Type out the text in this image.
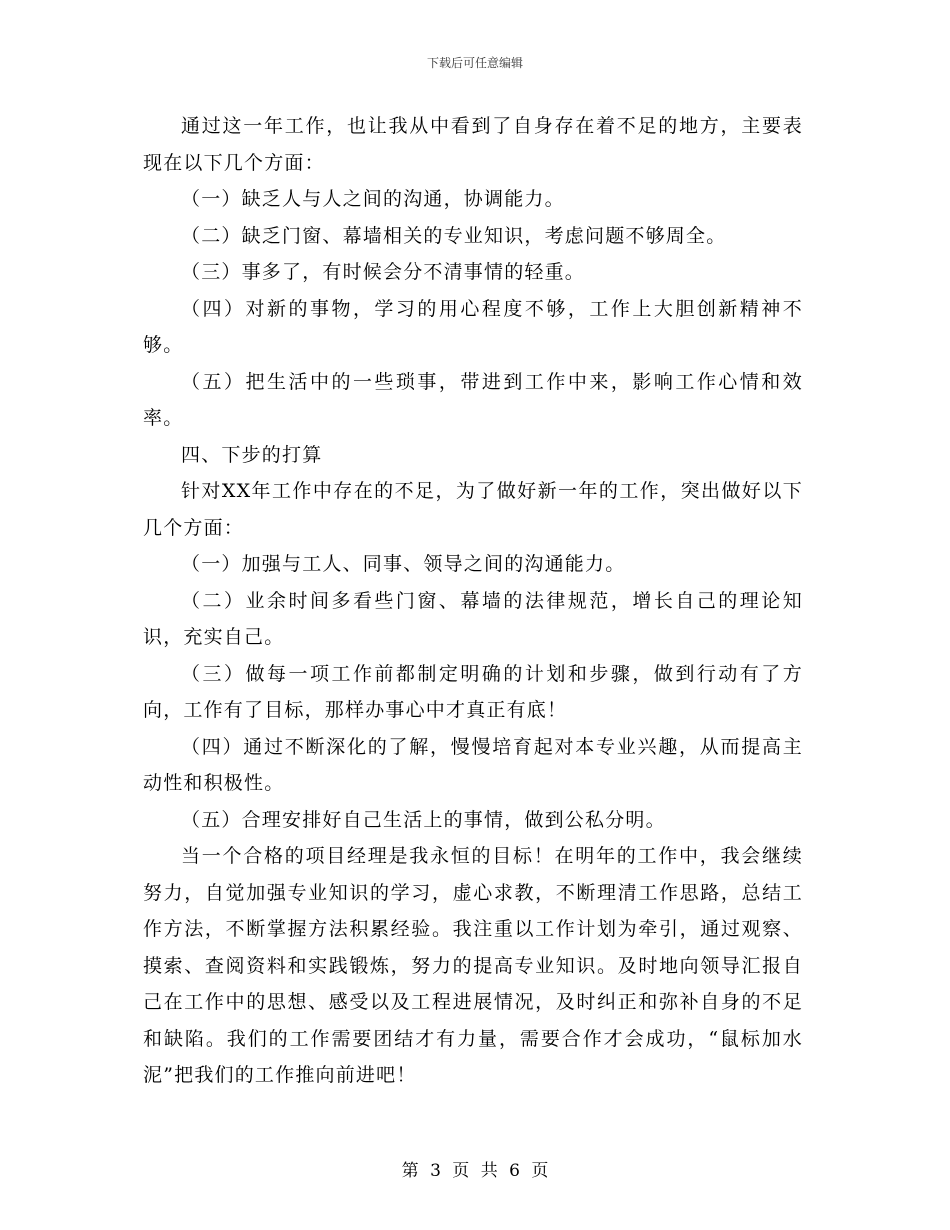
下载后可任意编辑

通过这一年工作，也让我从中看到了自身存在着不足的地方，主要表现在以下几个方面：

（一）缺乏人与人之间的沟通，协调能力。

（二）缺乏门窗、幕墙相关的专业知识，考虑问题不够周全。

（三）事多了，有时候会分不清事情的轻重。

（四）对新的事物，学习的用心程度不够，工作上大胆创新精神不够。

（五）把生活中的一些琐事，带进到工作中来，影响工作心情和效率。

四、下步的打算

针对XX年工作中存在的不足，为了做好新一年的工作，突出做好以下几个方面：

（一）加强与工人、同事、领导之间的沟通能力。

（二）业余时间多看些门窗、幕墙的法律规范，增长自己的理论知识，充实自己。

（三）做每一项工作前都制定明确的计划和步骤，做到行动有了方向，工作有了目标，那样办事心中才真正有底！

（四）通过不断深化的了解，慢慢培育起对本专业兴趣，从而提高主动性和积极性。

（五）合理安排好自己生活上的事情，做到公私分明。

当一个合格的项目经理是我永恒的目标！在明年的工作中，我会继续努力，自觉加强专业知识的学习，虚心求教，不断理清工作思路，总结工作方法，不断掌握方法积累经验。我注重以工作计划为牵引，通过观察、摸索、查阅资料和实践锻炼，努力的提高专业知识。及时地向领导汇报自己在工作中的思想、感受以及工程进展情况，及时纠正和弥补自身的不足和缺陷。我们的工作需要团结才有力量，需要合作才会成功，“鼠标加水泥”把我们的工作推向前进吧！

第 3 页 共 6 页
